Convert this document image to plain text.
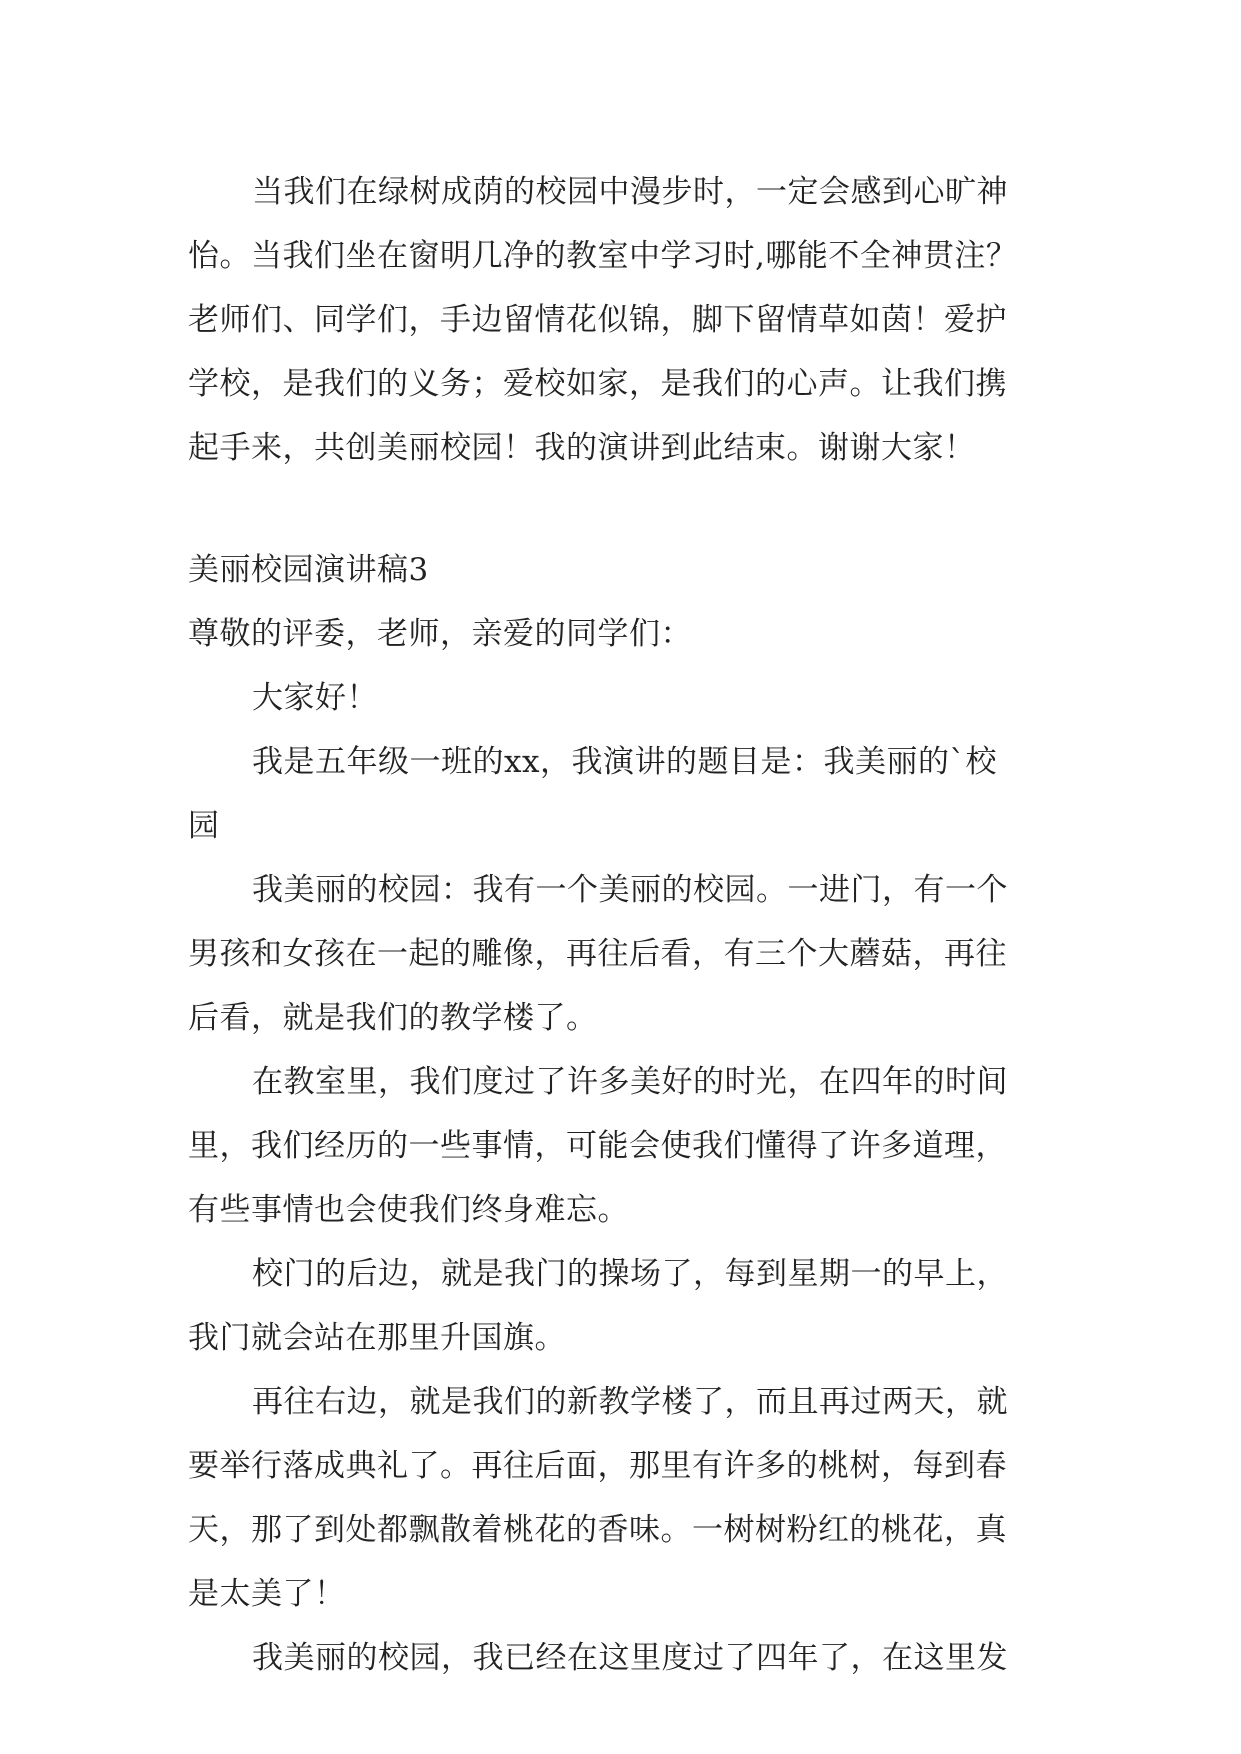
当我们在绿树成荫的校园中漫步时，一定会感到心旷神

怡。当我们坐在窗明几净的教室中学习时,哪能不全神贯注？

老师们、同学们，手边留情花似锦，脚下留情草如茵！爱护

学校，是我们的义务；爱校如家，是我们的心声。让我们携

起手来，共创美丽校园！我的演讲到此结束。谢谢大家！

美丽校园演讲稿3

尊敬的评委，老师，亲爱的同学们：

大家好！

我是五年级一班的xx，我演讲的题目是：我美丽的`校

园

我美丽的校园：我有一个美丽的校园。一进门，有一个

男孩和女孩在一起的雕像，再往后看，有三个大蘑菇，再往

后看，就是我们的教学楼了。

在教室里，我们度过了许多美好的时光，在四年的时间

里，我们经历的一些事情，可能会使我们懂得了许多道理，

有些事情也会使我们终身难忘。

校门的后边，就是我门的操场了，每到星期一的早上，

我门就会站在那里升国旗。

再往右边，就是我们的新教学楼了，而且再过两天，就

要举行落成典礼了。再往后面，那里有许多的桃树，每到春

天，那了到处都飘散着桃花的香味。一树树粉红的桃花，真

是太美了！

我美丽的校园，我已经在这里度过了四年了，在这里发
